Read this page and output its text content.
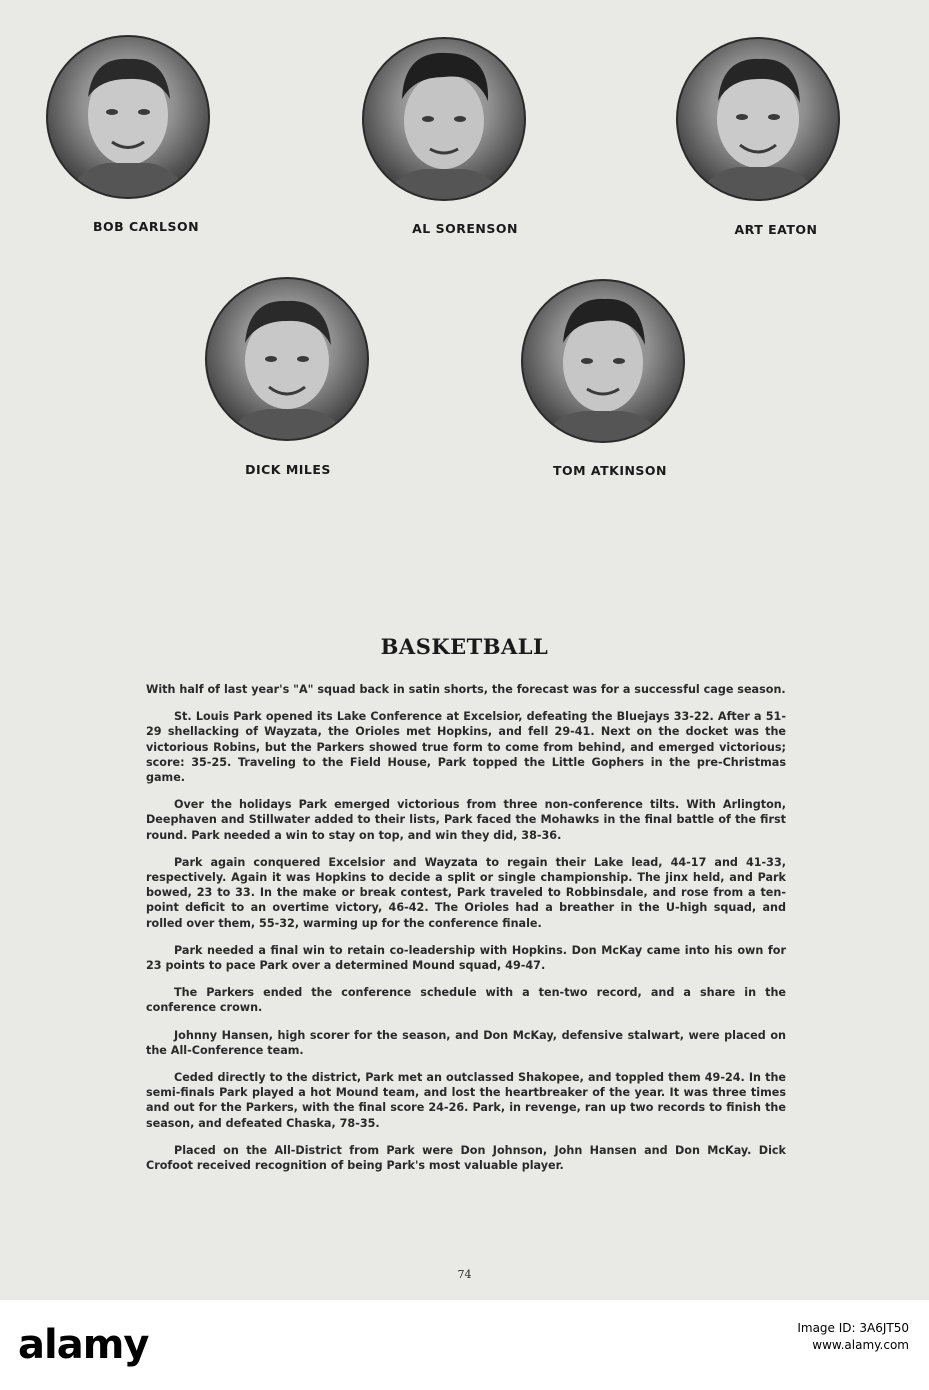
BOB CARLSON	AL SORENSON	ART EATON
DICK MILES	TOM ATKINSON
BASKETBALL

With half of last year's "A" squad back in satin shorts, the forecast was for a successful cage season.

St. Louis Park opened its Lake Conference at Excelsior, defeating the Bluejays 33-22. After a 51-29 shellacking of Wayzata, the Orioles met Hopkins, and fell 29-41. Next on the docket was the victorious Robins, but the Parkers showed true form to come from behind, and emerged victorious; score: 35-25. Traveling to the Field House, Park topped the Little Gophers in the pre-Christmas game.

Over the holidays Park emerged victorious from three non-conference tilts. With Arlington, Deephaven and Stillwater added to their lists, Park faced the Mohawks in the final battle of the first round. Park needed a win to stay on top, and win they did, 38-36.

Park again conquered Excelsior and Wayzata to regain their Lake lead, 44-17 and 41-33, respectively. Again it was Hopkins to decide a split or single championship. The jinx held, and Park bowed, 23 to 33. In the make or break contest, Park traveled to Robbinsdale, and rose from a ten-point deficit to an overtime victory, 46-42. The Orioles had a breather in the U-high squad, and rolled over them, 55-32, warming up for the conference finale.

Park needed a final win to retain co-leadership with Hopkins. Don McKay came into his own for 23 points to pace Park over a determined Mound squad, 49-47.

The Parkers ended the conference schedule with a ten-two record, and a share in the conference crown.

Johnny Hansen, high scorer for the season, and Don McKay, defensive stalwart, were placed on the All-Conference team.

Ceded directly to the district, Park met an outclassed Shakopee, and toppled them 49-24. In the semi-finals Park played a hot Mound team, and lost the heartbreaker of the year. It was three times and out for the Parkers, with the final score 24-26. Park, in revenge, ran up two records to finish the season, and defeated Chaska, 78-35.

Placed on the All-District from Park were Don Johnson, John Hansen and Don McKay. Dick Crofoot received recognition of being Park's most valuable player.

74
alamy	Image ID: 3A6JT50
www.alamy.com
